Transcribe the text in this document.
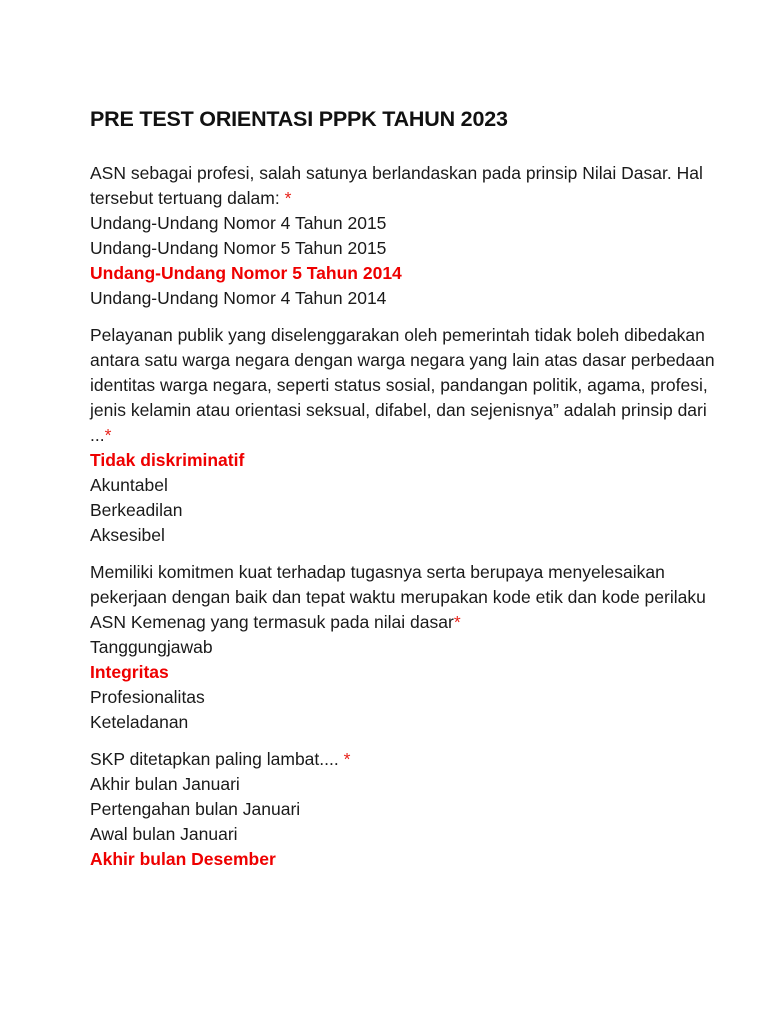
PRE TEST ORIENTASI PPPK TAHUN 2023

ASN sebagai profesi, salah satunya berlandaskan pada prinsip Nilai Dasar. Hal tersebut tertuang dalam: *

Undang-Undang Nomor 4 Tahun 2015
Undang-Undang Nomor 5 Tahun 2015
Undang-Undang Nomor 5 Tahun 2014
Undang-Undang Nomor 4 Tahun 2014

Pelayanan publik yang diselenggarakan oleh pemerintah tidak boleh dibedakan antara satu warga negara dengan warga negara yang lain atas dasar perbedaan identitas warga negara, seperti status sosial, pandangan politik, agama, profesi, jenis kelamin atau orientasi seksual, difabel, dan sejenisnya” adalah prinsip dari ...*

Tidak diskriminatif
Akuntabel
Berkeadilan
Aksesibel

Memiliki komitmen kuat terhadap tugasnya serta berupaya menyelesaikan pekerjaan dengan baik dan tepat waktu merupakan kode etik dan kode perilaku ASN Kemenag yang termasuk pada nilai dasar*

Tanggungjawab
Integritas
Profesionalitas
Keteladanan

SKP ditetapkan paling lambat.... *

Akhir bulan Januari
Pertengahan bulan Januari
Awal bulan Januari
Akhir bulan Desember
